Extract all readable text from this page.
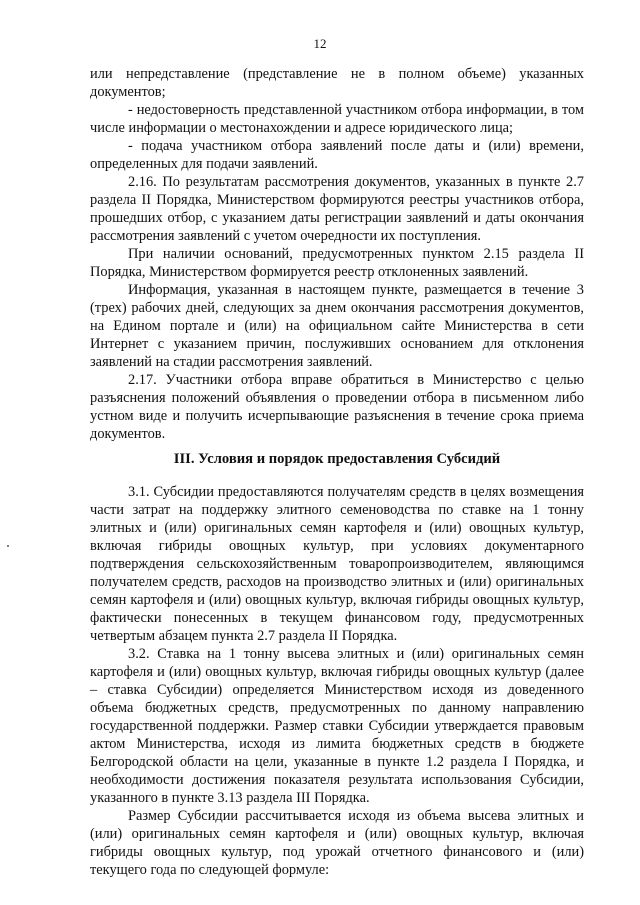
12

или непредставление (представление не в полном объеме) указанных документов;

- недостоверность представленной участником отбора информации, в том числе информации о местонахождении и адресе юридического лица;

- подача участником отбора заявлений после даты и (или) времени, определенных для подачи заявлений.

2.16. По результатам рассмотрения документов, указанных в пункте 2.7 раздела II Порядка, Министерством формируются реестры участников отбора, прошедших отбор, с указанием даты регистрации заявлений и даты окончания рассмотрения заявлений с учетом очередности их поступления.

При наличии оснований, предусмотренных пунктом 2.15 раздела II Порядка, Министерством формируется реестр отклоненных заявлений.

Информация, указанная в настоящем пункте, размещается в течение 3 (трех) рабочих дней, следующих за днем окончания рассмотрения документов, на Едином портале и (или) на официальном сайте Министерства в сети Интернет с указанием причин, послуживших основанием для отклонения заявлений на стадии рассмотрения заявлений.

2.17. Участники отбора вправе обратиться в Министерство с целью разъяснения положений объявления о проведении отбора в письменном либо устном виде и получить исчерпывающие разъяснения в течение срока приема документов.

III. Условия и порядок предоставления Субсидий

3.1. Субсидии предоставляются получателям средств в целях возмещения части затрат на поддержку элитного семеноводства по ставке на 1 тонну элитных и (или) оригинальных семян картофеля и (или) овощных культур, включая гибриды овощных культур, при условиях документарного подтверждения сельскохозяйственным товаропроизводителем, являющимся получателем средств, расходов на производство элитных и (или) оригинальных семян картофеля и (или) овощных культур, включая гибриды овощных культур, фактически понесенных в текущем финансовом году, предусмотренных четвертым абзацем пункта 2.7 раздела II Порядка.

3.2. Ставка на 1 тонну высева элитных и (или) оригинальных семян картофеля и (или) овощных культур, включая гибриды овощных культур (далее – ставка Субсидии) определяется Министерством исходя из доведенного объема бюджетных средств, предусмотренных по данному направлению государственной поддержки. Размер ставки Субсидии утверждается правовым актом Министерства, исходя из лимита бюджетных средств в бюджете Белгородской области на цели, указанные в пункте 1.2 раздела I Порядка, и необходимости достижения показателя результата использования Субсидии, указанного в пункте 3.13 раздела III Порядка.

Размер Субсидии рассчитывается исходя из объема высева элитных и (или) оригинальных семян картофеля и (или) овощных культур, включая гибриды овощных культур, под урожай отчетного финансового и (или) текущего года по следующей формуле:
